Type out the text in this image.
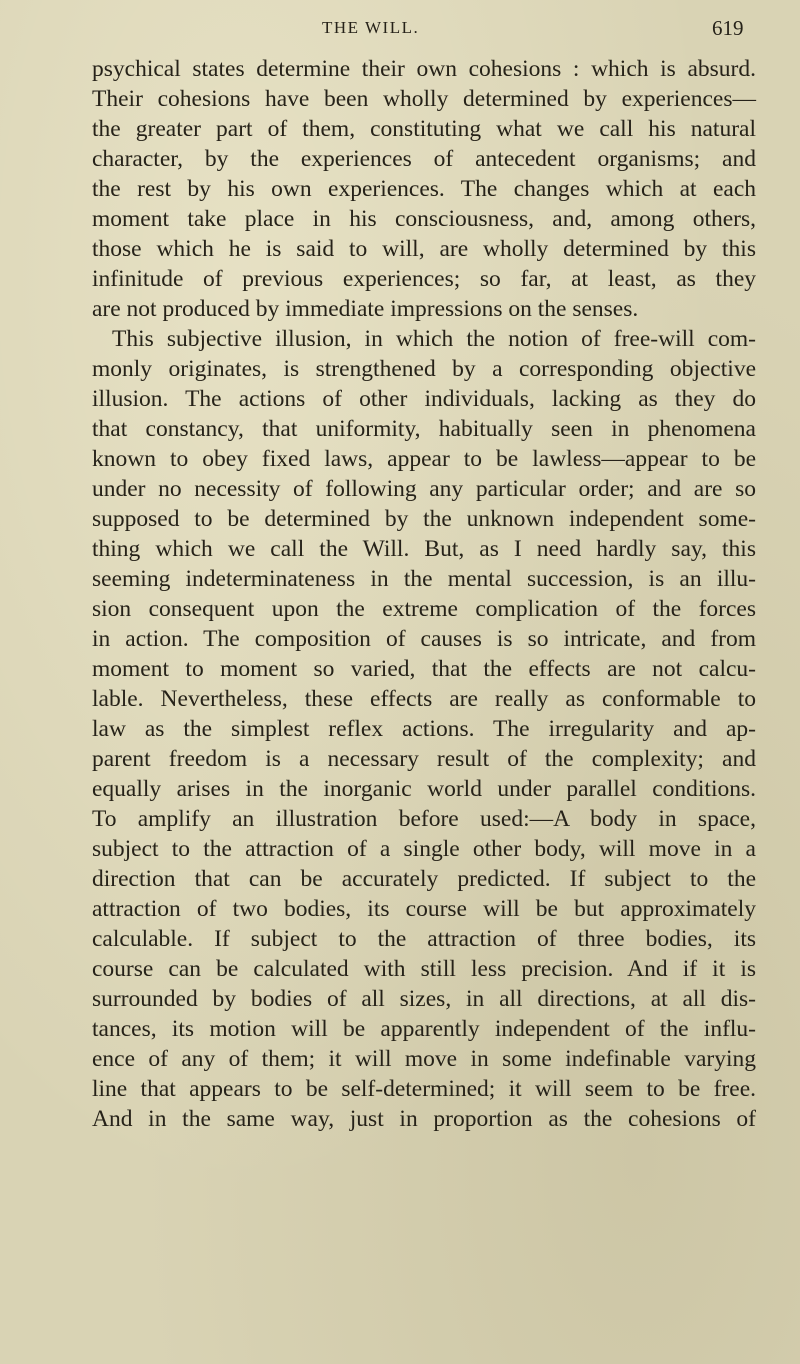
THE WILL.	619
psychical states determine their own cohesions : which is absurd.
Their cohesions have been wholly determined by experiences—
the greater part of them, constituting what we call his natural
character, by the experiences of antecedent organisms; and
the rest by his own experiences. The changes which at each
moment take place in his consciousness, and, among others,
those which he is said to will, are wholly determined by this
infinitude of previous experiences; so far, at least, as they
are not produced by immediate impressions on the senses.
This subjective illusion, in which the notion of free-will com-
monly originates, is strengthened by a corresponding objective
illusion. The actions of other individuals, lacking as they do
that constancy, that uniformity, habitually seen in phenomena
known to obey fixed laws, appear to be lawless—appear to be
under no necessity of following any particular order; and are so
supposed to be determined by the unknown independent some-
thing which we call the Will. But, as I need hardly say, this
seeming indeterminateness in the mental succession, is an illu-
sion consequent upon the extreme complication of the forces
in action. The composition of causes is so intricate, and from
moment to moment so varied, that the effects are not calcu-
lable. Nevertheless, these effects are really as conformable to
law as the simplest reflex actions. The irregularity and ap-
parent freedom is a necessary result of the complexity; and
equally arises in the inorganic world under parallel conditions.
To amplify an illustration before used:—A body in space,
subject to the attraction of a single other body, will move in a
direction that can be accurately predicted. If subject to the
attraction of two bodies, its course will be but approximately
calculable. If subject to the attraction of three bodies, its
course can be calculated with still less precision. And if it is
surrounded by bodies of all sizes, in all directions, at all dis-
tances, its motion will be apparently independent of the influ-
ence of any of them; it will move in some indefinable varying
line that appears to be self-determined; it will seem to be free.
And in the same way, just in proportion as the cohesions of
